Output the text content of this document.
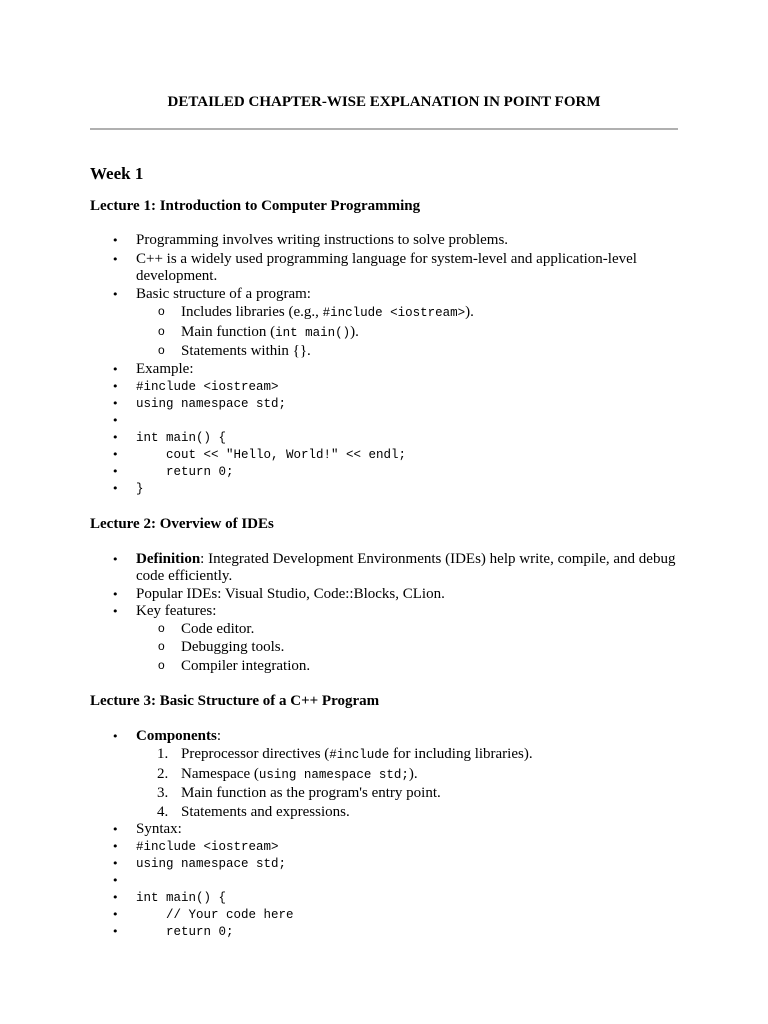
DETAILED CHAPTER-WISE EXPLANATION IN POINT FORM
Week 1
Lecture 1: Introduction to Computer Programming
• Programming involves writing instructions to solve problems.
• C++ is a widely used programming language for system-level and application-level development.
• Basic structure of a program:
o Includes libraries (e.g., #include <iostream>).
o Main function (int main()).
o Statements within {}.
• Example:
• #include <iostream>
• using namespace std;
•
• int main() {
•     cout << "Hello, World!" << endl;
•     return 0;
• }
Lecture 2: Overview of IDEs
• Definition: Integrated Development Environments (IDEs) help write, compile, and debug code efficiently.
• Popular IDEs: Visual Studio, Code::Blocks, CLion.
• Key features:
o Code editor.
o Debugging tools.
o Compiler integration.
Lecture 3: Basic Structure of a C++ Program
• Components:
1. Preprocessor directives (#include for including libraries).
2. Namespace (using namespace std;).
3. Main function as the program's entry point.
4. Statements and expressions.
• Syntax:
• #include <iostream>
• using namespace std;
•
• int main() {
•     // Your code here
•     return 0;
